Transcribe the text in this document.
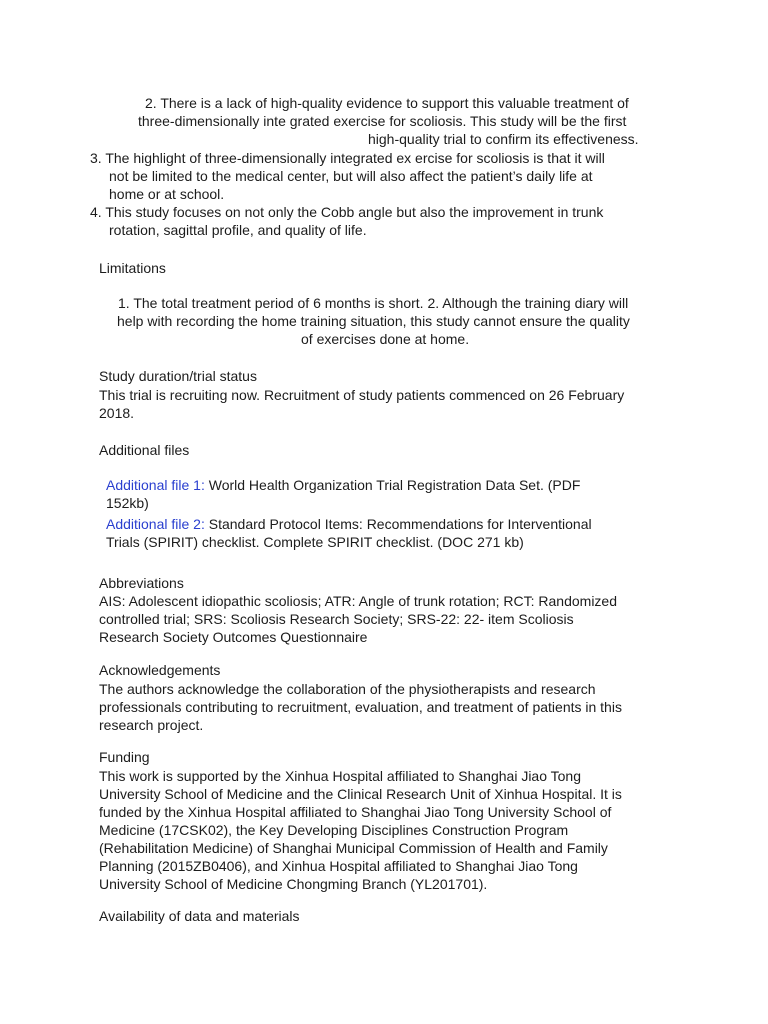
2. There is a lack of high-quality evidence to support this valuable treatment of
three-dimensionally inte grated exercise for scoliosis. This study will be the first
high-quality trial to confirm its effectiveness.
3. The highlight of three-dimensionally integrated ex ercise for scoliosis is that it will
not be limited to the medical center, but will also affect the patient’s daily life at
home or at school.
4. This study focuses on not only the Cobb angle but also the improvement in trunk
rotation, sagittal profile, and quality of life.
Limitations
1. The total treatment period of 6 months is short. 2. Although the training diary will
help with recording the home training situation, this study cannot ensure the quality
of exercises done at home.
Study duration/trial status
This trial is recruiting now. Recruitment of study patients commenced on 26 February
2018.
Additional files
Additional file 1: World Health Organization Trial Registration Data Set. (PDF
152kb)
Additional file 2: Standard Protocol Items: Recommendations for Interventional
Trials (SPIRIT) checklist. Complete SPIRIT checklist. (DOC 271 kb)
Abbreviations
AIS: Adolescent idiopathic scoliosis; ATR: Angle of trunk rotation; RCT: Randomized
controlled trial; SRS: Scoliosis Research Society; SRS-22: 22- item Scoliosis
Research Society Outcomes Questionnaire
Acknowledgements
The authors acknowledge the collaboration of the physiotherapists and research
professionals contributing to recruitment, evaluation, and treatment of patients in this
research project.
Funding
This work is supported by the Xinhua Hospital affiliated to Shanghai Jiao Tong
University School of Medicine and the Clinical Research Unit of Xinhua Hospital. It is
funded by the Xinhua Hospital affiliated to Shanghai Jiao Tong University School of
Medicine (17CSK02), the Key Developing Disciplines Construction Program
(Rehabilitation Medicine) of Shanghai Municipal Commission of Health and Family
Planning (2015ZB0406), and Xinhua Hospital affiliated to Shanghai Jiao Tong
University School of Medicine Chongming Branch (YL201701).
Availability of data and materials
